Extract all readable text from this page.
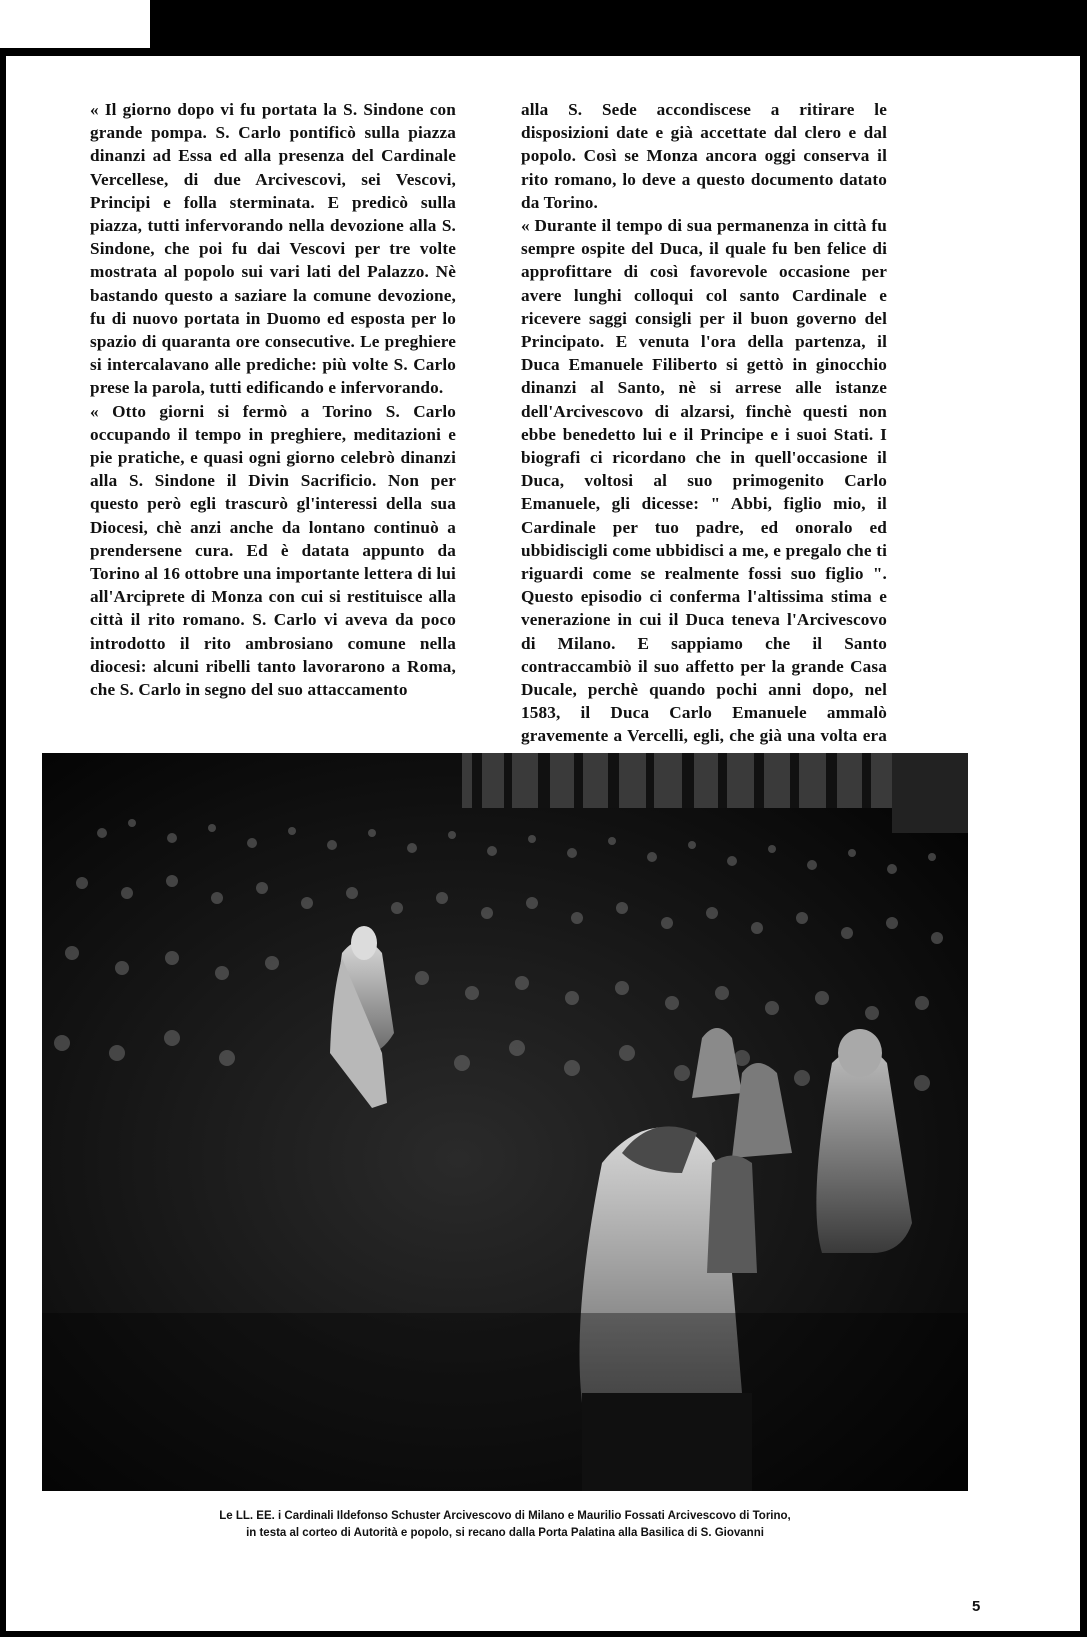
« Il giorno dopo vi fu portata la S. Sindone con grande pompa. S. Carlo pontificò sulla piazza dinanzi ad Essa ed alla presenza del Cardinale Vercellese, di due Arcivescovi, sei Vescovi, Principi e folla sterminata. E predicò sulla piazza, tutti infervorando nella devozione alla S. Sindone, che poi fu dai Vescovi per tre volte mostrata al popolo sui vari lati del Palazzo. Nè bastando questo a saziare la comune devozione, fu di nuovo portata in Duomo ed esposta per lo spazio di quaranta ore consecutive. Le preghiere si intercalavano alle prediche: più volte S. Carlo prese la parola, tutti edificando e infervorando.

« Otto giorni si fermò a Torino S. Carlo occupando il tempo in preghiere, meditazioni e pie pratiche, e quasi ogni giorno celebrò dinanzi alla S. Sindone il Divin Sacrificio. Non per questo però egli trascurò gl'interessi della sua Diocesi, chè anzi anche da lontano continuò a prendersene cura. Ed è datata appunto da Torino al 16 ottobre una importante lettera di lui all'Arciprete di Monza con cui si restituisce alla città il rito romano. S. Carlo vi aveva da poco introdotto il rito ambrosiano comune nella diocesi: alcuni ribelli tanto lavorarono a Roma, che S. Carlo in segno del suo attaccamento

alla S. Sede accondiscese a ritirare le disposizioni date e già accettate dal clero e dal popolo. Così se Monza ancora oggi conserva il rito romano, lo deve a questo documento datato da Torino.

« Durante il tempo di sua permanenza in città fu sempre ospite del Duca, il quale fu ben felice di approfittare di così favorevole occasione per avere lunghi colloqui col santo Cardinale e ricevere saggi consigli per il buon governo del Principato. E venuta l'ora della partenza, il Duca Emanuele Filiberto si gettò in ginocchio dinanzi al Santo, nè si arrese alle istanze dell'Arcivescovo di alzarsi, finchè questi non ebbe benedetto lui e il Principe e i suoi Stati. I biografi ci ricordano che in quell'occasione il Duca, voltosi al suo primogenito Carlo Emanuele, gli dicesse: " Abbi, figlio mio, il Cardinale per tuo padre, ed onoralo ed ubbidiscigli come ubbidisci a me, e pregalo che ti riguardi come se realmente fossi suo figlio ". Questo episodio ci conferma l'altissima stima e venerazione in cui il Duca teneva l'Arcivescovo di Milano. E sappiamo che il Santo contraccambiò il suo affetto per la grande Casa Ducale, perchè quando pochi anni dopo, nel 1583, il Duca Carlo Emanuele ammalò gravemente a Vercelli, egli, che già una volta era

Le LL. EE. i Cardinali Ildefonso Schuster Arcivescovo di Milano e Maurilio Fossati Arcivescovo di Torino,
in testa al corteo di Autorità e popolo, si recano dalla Porta Palatina alla Basilica di S. Giovanni
5
